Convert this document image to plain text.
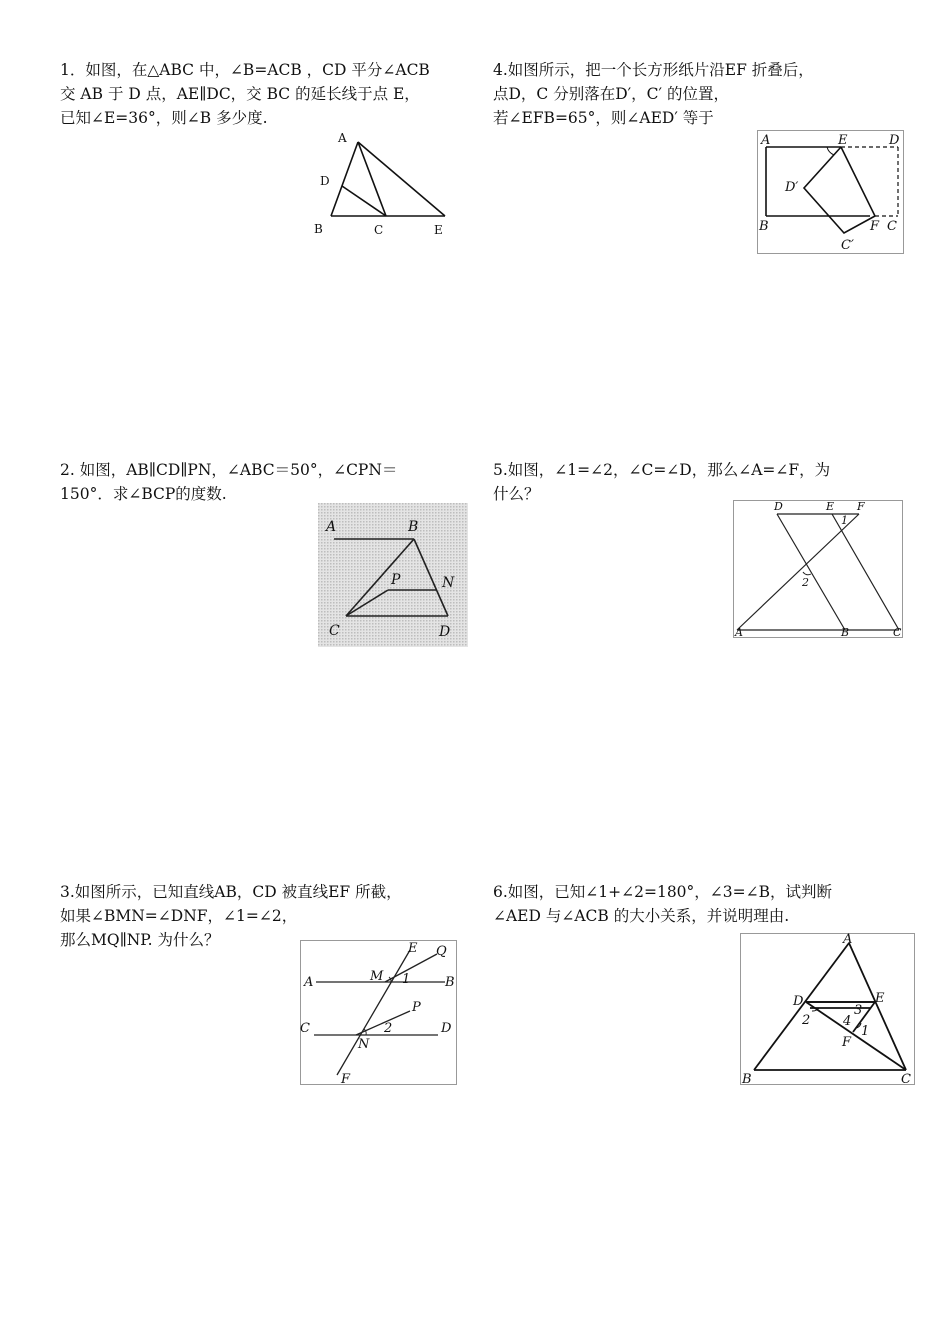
1．如图，在△ABC 中，∠B=ACB ，CD 平分∠ACB

交 AB 于 D 点，AE∥DC，交 BC 的延长线于点 E，

已知∠E=36°，则∠B 多少度.

A
D
B	C	E

4.如图所示，把一个长方形纸片沿EF 折叠后，

点D，C 分别落在D′，C′ 的位置，

若∠EFB=65°，则∠AED′ 等于

A	E	D
D′
B	F C
C′

2. 如图，AB∥CD∥PN，∠ABC＝50°，∠CPN＝

150°．求∠BCP的度数.

A	B
P	N
C	D

5.如图，∠1=∠2，∠C=∠D，那么∠A=∠F，为

什么？

D	E F
1
2
A	B	C

3.如图所示，已知直线AB，CD 被直线EF 所截，

如果∠BMN=∠DNF，∠1=∠2，

那么MQ∥NP. 为什么？	E Q
A	M 1	B
P
C	2	D
N
F

6.如图，已知∠1+∠2=180°，∠3=∠B，试判断

∠AED 与∠ACB 的大小关系，并说明理由.

A
D	E
2
3
4
1
F
B	C
